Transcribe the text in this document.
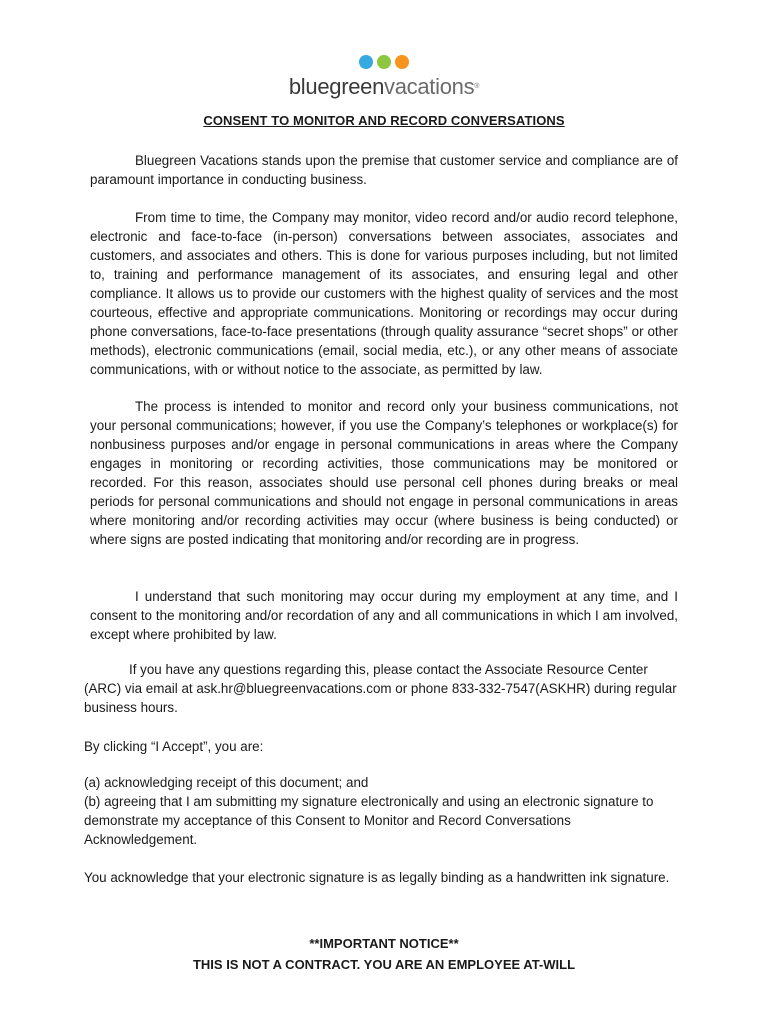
bluegreenvacations®
CONSENT TO MONITOR AND RECORD CONVERSATIONS

Bluegreen Vacations stands upon the premise that customer service and compliance are of paramount importance in conducting business.

From time to time, the Company may monitor, video record and/or audio record telephone, electronic and face-to-face (in-person) conversations between associates, associates and customers, and associates and others. This is done for various purposes including, but not limited to, training and performance management of its associates, and ensuring legal and other compliance. It allows us to provide our customers with the highest quality of services and the most courteous, effective and appropriate communications. Monitoring or recordings may occur during phone conversations, face-to-face presentations (through quality assurance “secret shops” or other methods), electronic communications (email, social media, etc.), or any other means of associate communications, with or without notice to the associate, as permitted by law.

The process is intended to monitor and record only your business communications, not your personal communications; however, if you use the Company’s telephones or workplace(s) for nonbusiness purposes and/or engage in personal communications in areas where the Company engages in monitoring or recording activities, those communications may be monitored or recorded. For this reason, associates should use personal cell phones during breaks or meal periods for personal communications and should not engage in personal communications in areas where monitoring and/or recording activities may occur (where business is being conducted) or where signs are posted indicating that monitoring and/or recording are in progress.

I understand that such monitoring may occur during my employment at any time, and I consent to the monitoring and/or recordation of any and all communications in which I am involved, except where prohibited by law.

If you have any questions regarding this, please contact the Associate Resource Center (ARC) via email at ask.hr@bluegreenvacations.com or phone 833-332-7547(ASKHR) during regular business hours.

By clicking “I Accept”, you are:

(a) acknowledging receipt of this document; and

(b) agreeing that I am submitting my signature electronically and using an electronic signature to demonstrate my acceptance of this Consent to Monitor and Record Conversations Acknowledgement.

You acknowledge that your electronic signature is as legally binding as a handwritten ink signature.

**IMPORTANT NOTICE**
THIS IS NOT A CONTRACT. YOU ARE AN EMPLOYEE AT-WILL
